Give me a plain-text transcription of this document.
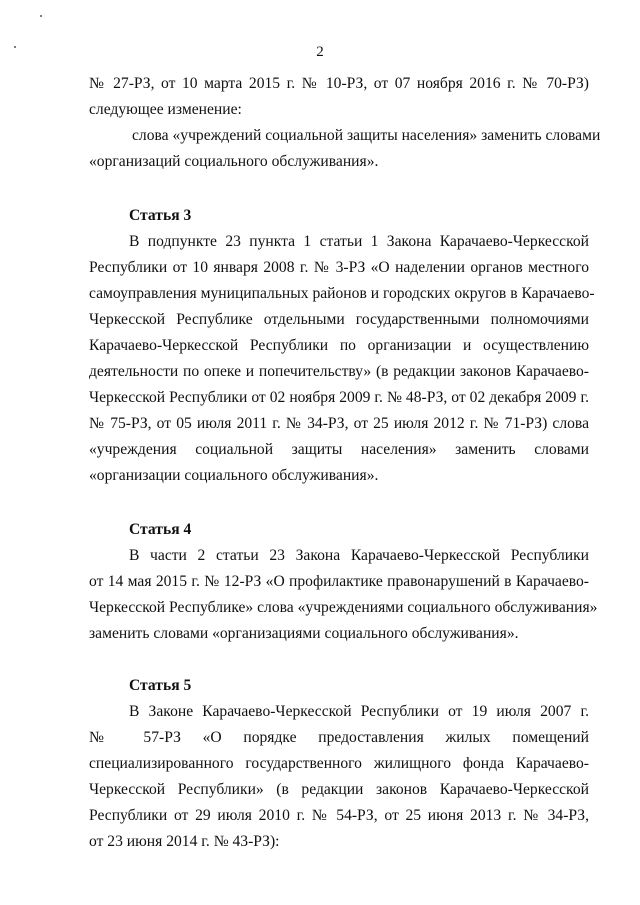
2
№ 27-РЗ, от 10 марта 2015 г. № 10-РЗ, от 07 ноября 2016 г. № 70-РЗ)
следующее изменение:
слова «учреждений социальной защиты населения» заменить словами
«организаций социального обслуживания».
Статья 3
В подпункте 23 пункта 1 статьи 1 Закона Карачаево-Черкесской
Республики от 10 января 2008 г. № 3-РЗ «О наделении органов местного
самоуправления муниципальных районов и городских округов в Карачаево-
Черкесской Республике отдельными государственными полномочиями
Карачаево-Черкесской Республики по организации и осуществлению
деятельности по опеке и попечительству» (в редакции законов Карачаево-
Черкесской Республики от 02 ноября 2009 г. № 48-РЗ, от 02 декабря 2009 г.
№ 75-РЗ, от 05 июля 2011 г. № 34-РЗ, от 25 июля 2012 г. № 71-РЗ) слова
«учреждения социальной защиты населения» заменить словами
«организации социального обслуживания».
Статья 4
В части 2 статьи 23 Закона Карачаево-Черкесской Республики
от 14 мая 2015 г. № 12-РЗ «О профилактике правонарушений в Карачаево-
Черкесской Республике» слова «учреждениями социального обслуживания»
заменить словами «организациями социального обслуживания».
Статья 5
В Законе Карачаево-Черкесской Республики от 19 июля 2007 г.
№ 57-РЗ «О порядке предоставления жилых помещений
специализированного государственного жилищного фонда Карачаево-
Черкесской Республики» (в редакции законов Карачаево-Черкесской
Республики от 29 июля 2010 г. № 54-РЗ, от 25 июня 2013 г. № 34-РЗ,
от 23 июня 2014 г. № 43-РЗ):
